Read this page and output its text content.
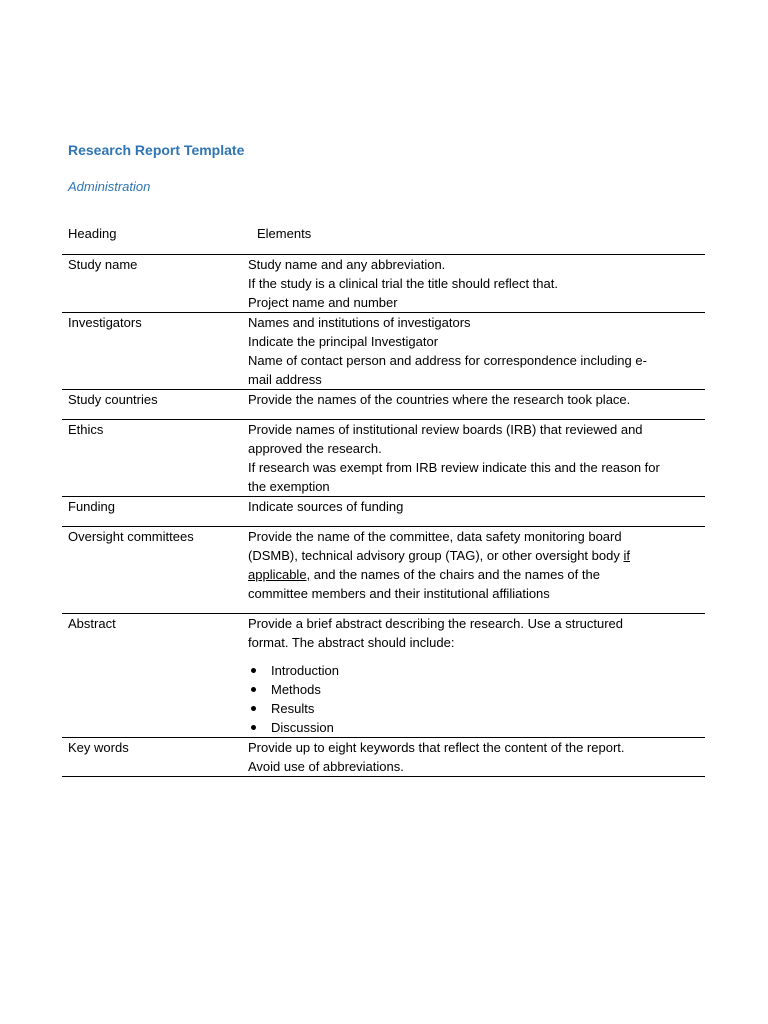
Research Report Template
Administration
Heading	Elements
Study name	Study name and any abbreviation.
If the study is a clinical trial the title should reflect that.
Project name and number
Investigators	Names and institutions of investigators
Indicate the principal Investigator
Name of contact person and address for correspondence including e-
mail address
Study countries	Provide the names of the countries where the research took place.
Ethics	Provide names of institutional review boards (IRB) that reviewed and
approved the research.
If research was exempt from IRB review indicate this and the reason for
the exemption
Funding	Indicate sources of funding
Oversight committees	Provide the name of the committee, data safety monitoring board
(DSMB), technical advisory group (TAG), or other oversight body if
applicable, and the names of the chairs and the names of the
committee members and their institutional affiliations
Abstract	Provide a brief abstract describing the research. Use a structured
format. The abstract should include:
Introduction
Methods
Results
Discussion
Key words	Provide up to eight keywords that reflect the content of the report.
Avoid use of abbreviations.
